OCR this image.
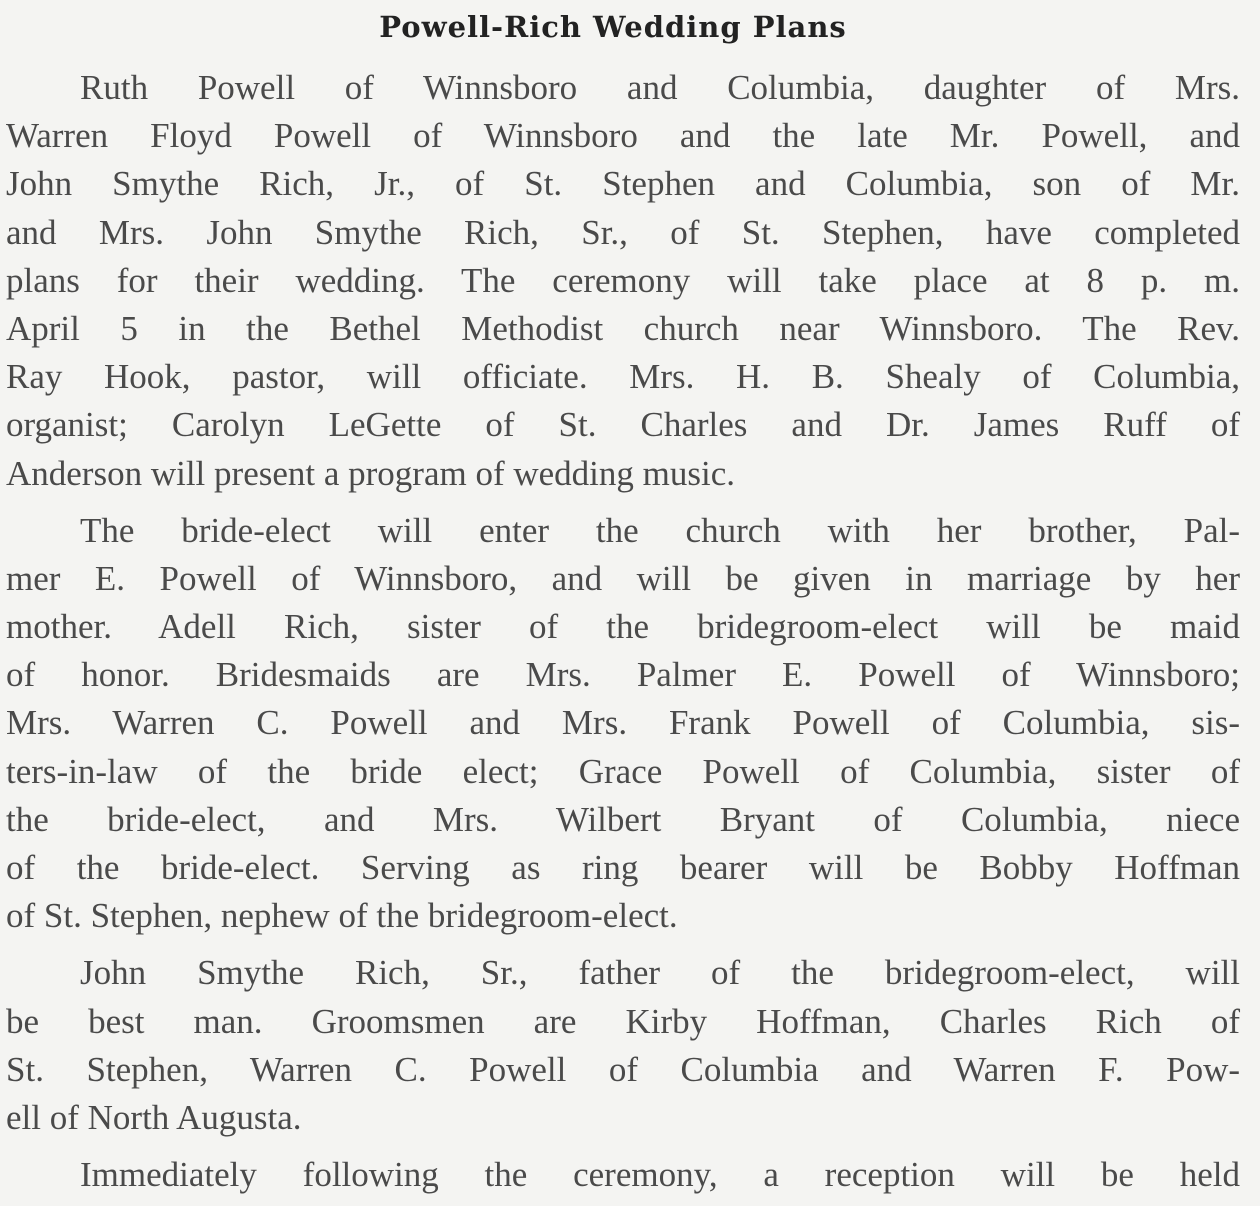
Powell-Rich Wedding Plans
Ruth Powell of Winnsboro and Columbia, daughter of Mrs.
Warren Floyd Powell of Winnsboro and the late Mr. Powell, and
John Smythe Rich, Jr., of St. Stephen and Columbia, son of Mr.
and Mrs. John Smythe Rich, Sr., of St. Stephen, have completed
plans for their wedding. The ceremony will take place at 8 p. m.
April 5 in the Bethel Methodist church near Winnsboro. The Rev.
Ray Hook, pastor, will officiate. Mrs. H. B. Shealy of Columbia,
organist; Carolyn LeGette of St. Charles and Dr. James Ruff of
Anderson will present a program of wedding music.
The bride-elect will enter the church with her brother, Pal-
mer E. Powell of Winnsboro, and will be given in marriage by her
mother. Adell Rich, sister of the bridegroom-elect will be maid
of honor. Bridesmaids are Mrs. Palmer E. Powell of Winnsboro;
Mrs. Warren C. Powell and Mrs. Frank Powell of Columbia, sis-
ters-in-law of the bride elect; Grace Powell of Columbia, sister of
the bride-elect, and Mrs. Wilbert Bryant of Columbia, niece
of the bride-elect. Serving as ring bearer will be Bobby Hoffman
of St. Stephen, nephew of the bridegroom-elect.
John Smythe Rich, Sr., father of the bridegroom-elect, will
be best man. Groomsmen are Kirby Hoffman, Charles Rich of
St. Stephen, Warren C. Powell of Columbia and Warren F. Pow-
ell of North Augusta.
Immediately following the ceremony, a reception will be held
